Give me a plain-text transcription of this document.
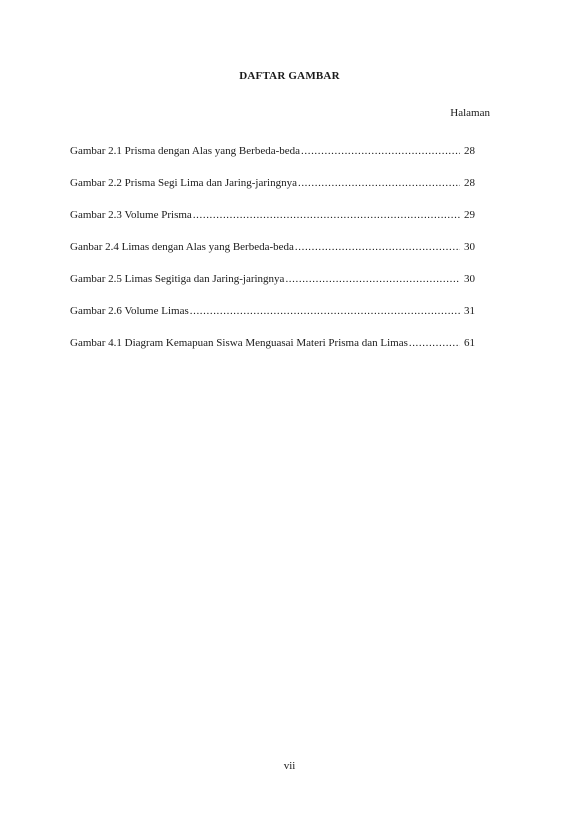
DAFTAR GAMBAR
Halaman
Gambar 2.1 Prisma dengan Alas yang Berbeda-beda .....	28
Gambar 2.2 Prisma Segi Lima dan Jaring-jaringnya .....	28
Gambar 2.3 Volume Prisma .....	29
Ganbar 2.4 Limas dengan Alas yang Berbeda-beda .....	30
Gambar 2.5 Limas Segitiga dan Jaring-jaringnya .....	30
Gambar 2.6 Volume Limas .....	31
Gambar 4.1 Diagram Kemapuan Siswa Menguasai Materi Prisma dan Limas .....	61
vii
